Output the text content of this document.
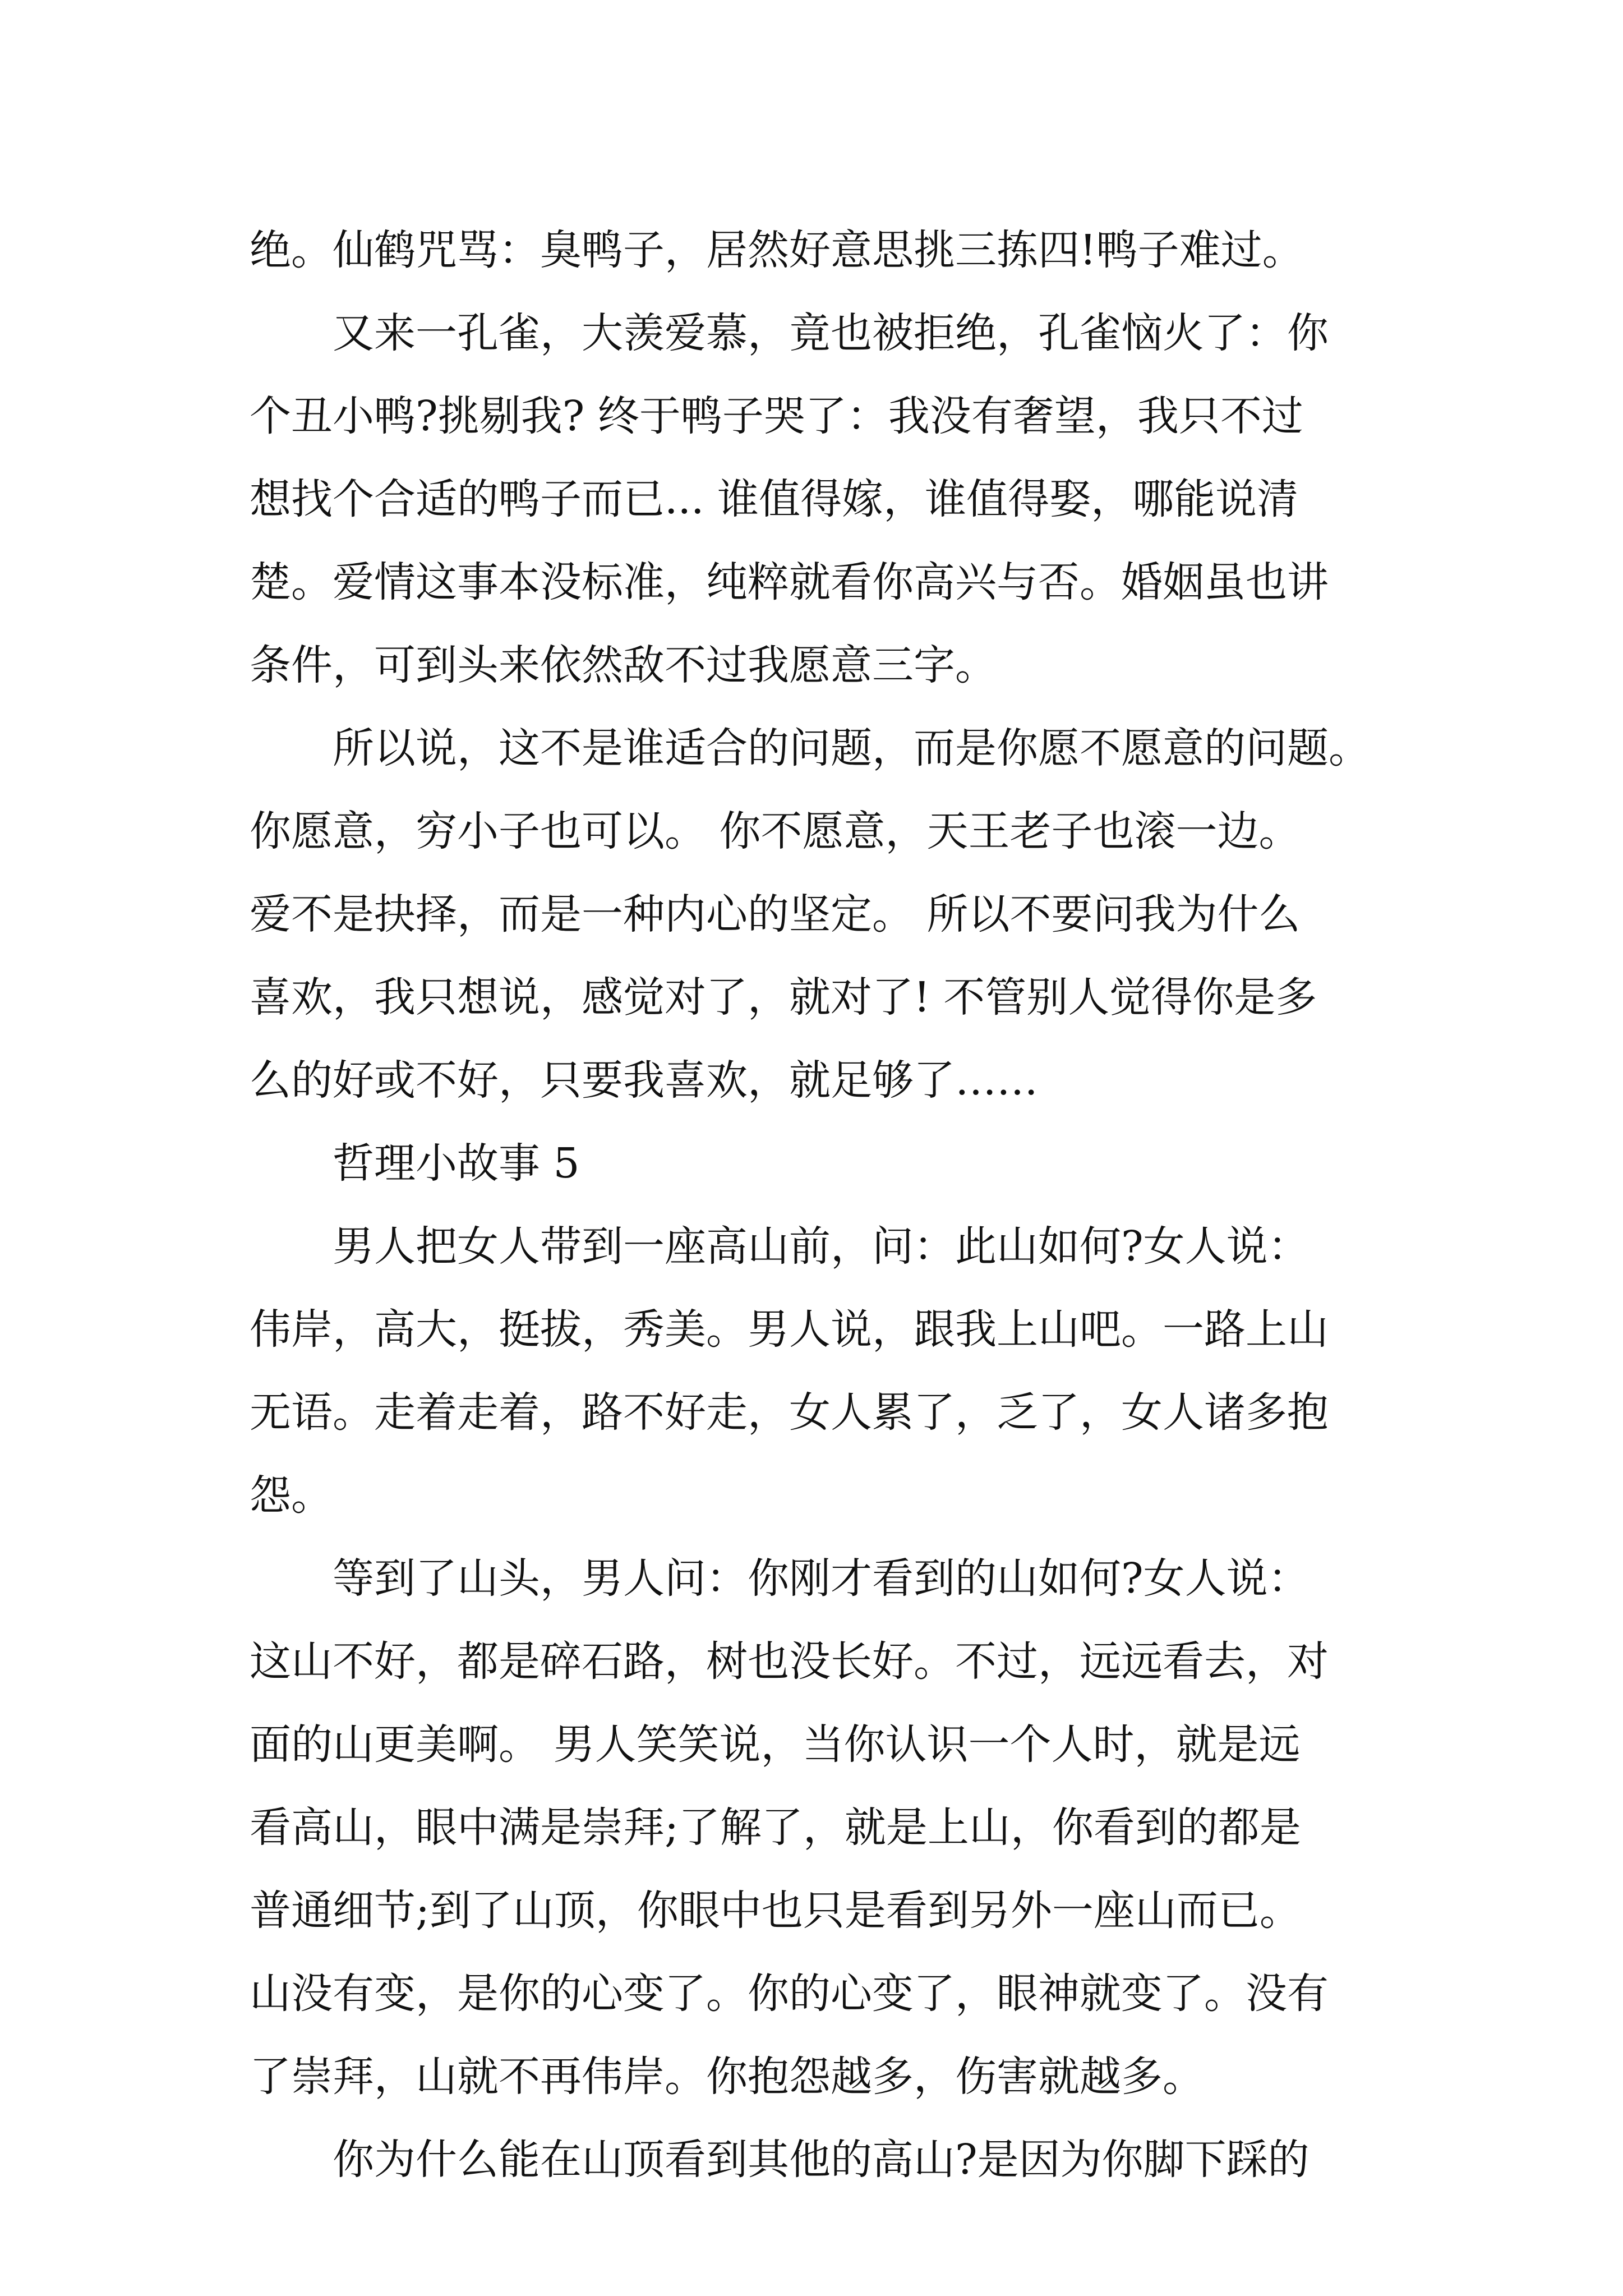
绝。仙鹤咒骂：臭鸭子，居然好意思挑三拣四!鸭子难过。
　　又来一孔雀，大羡爱慕，竟也被拒绝，孔雀恼火了：你
个丑小鸭?挑剔我? 终于鸭子哭了：我没有奢望，我只不过
想找个合适的鸭子而已... 谁值得嫁，谁值得娶，哪能说清
楚。爱情这事本没标准，纯粹就看你高兴与否。婚姻虽也讲
条件，可到头来依然敌不过我愿意三字。
　　所以说，这不是谁适合的问题，而是你愿不愿意的问题。
你愿意，穷小子也可以。 你不愿意，天王老子也滚一边。
爱不是抉择，而是一种内心的坚定。 所以不要问我为什么
喜欢，我只想说，感觉对了，就对了! 不管别人觉得你是多
么的好或不好，只要我喜欢，就足够了……
　　哲理小故事 5
　　男人把女人带到一座高山前，问：此山如何?女人说：
伟岸，高大，挺拔，秀美。男人说，跟我上山吧。一路上山
无语。走着走着，路不好走，女人累了，乏了，女人诸多抱
怨。
　　等到了山头，男人问：你刚才看到的山如何?女人说：
这山不好，都是碎石路，树也没长好。不过，远远看去，对
面的山更美啊。 男人笑笑说，当你认识一个人时，就是远
看高山，眼中满是崇拜;了解了，就是上山，你看到的都是
普通细节;到了山顶，你眼中也只是看到另外一座山而已。
山没有变，是你的心变了。你的心变了，眼神就变了。没有
了崇拜，山就不再伟岸。你抱怨越多，伤害就越多。
　　你为什么能在山顶看到其他的高山?是因为你脚下踩的
